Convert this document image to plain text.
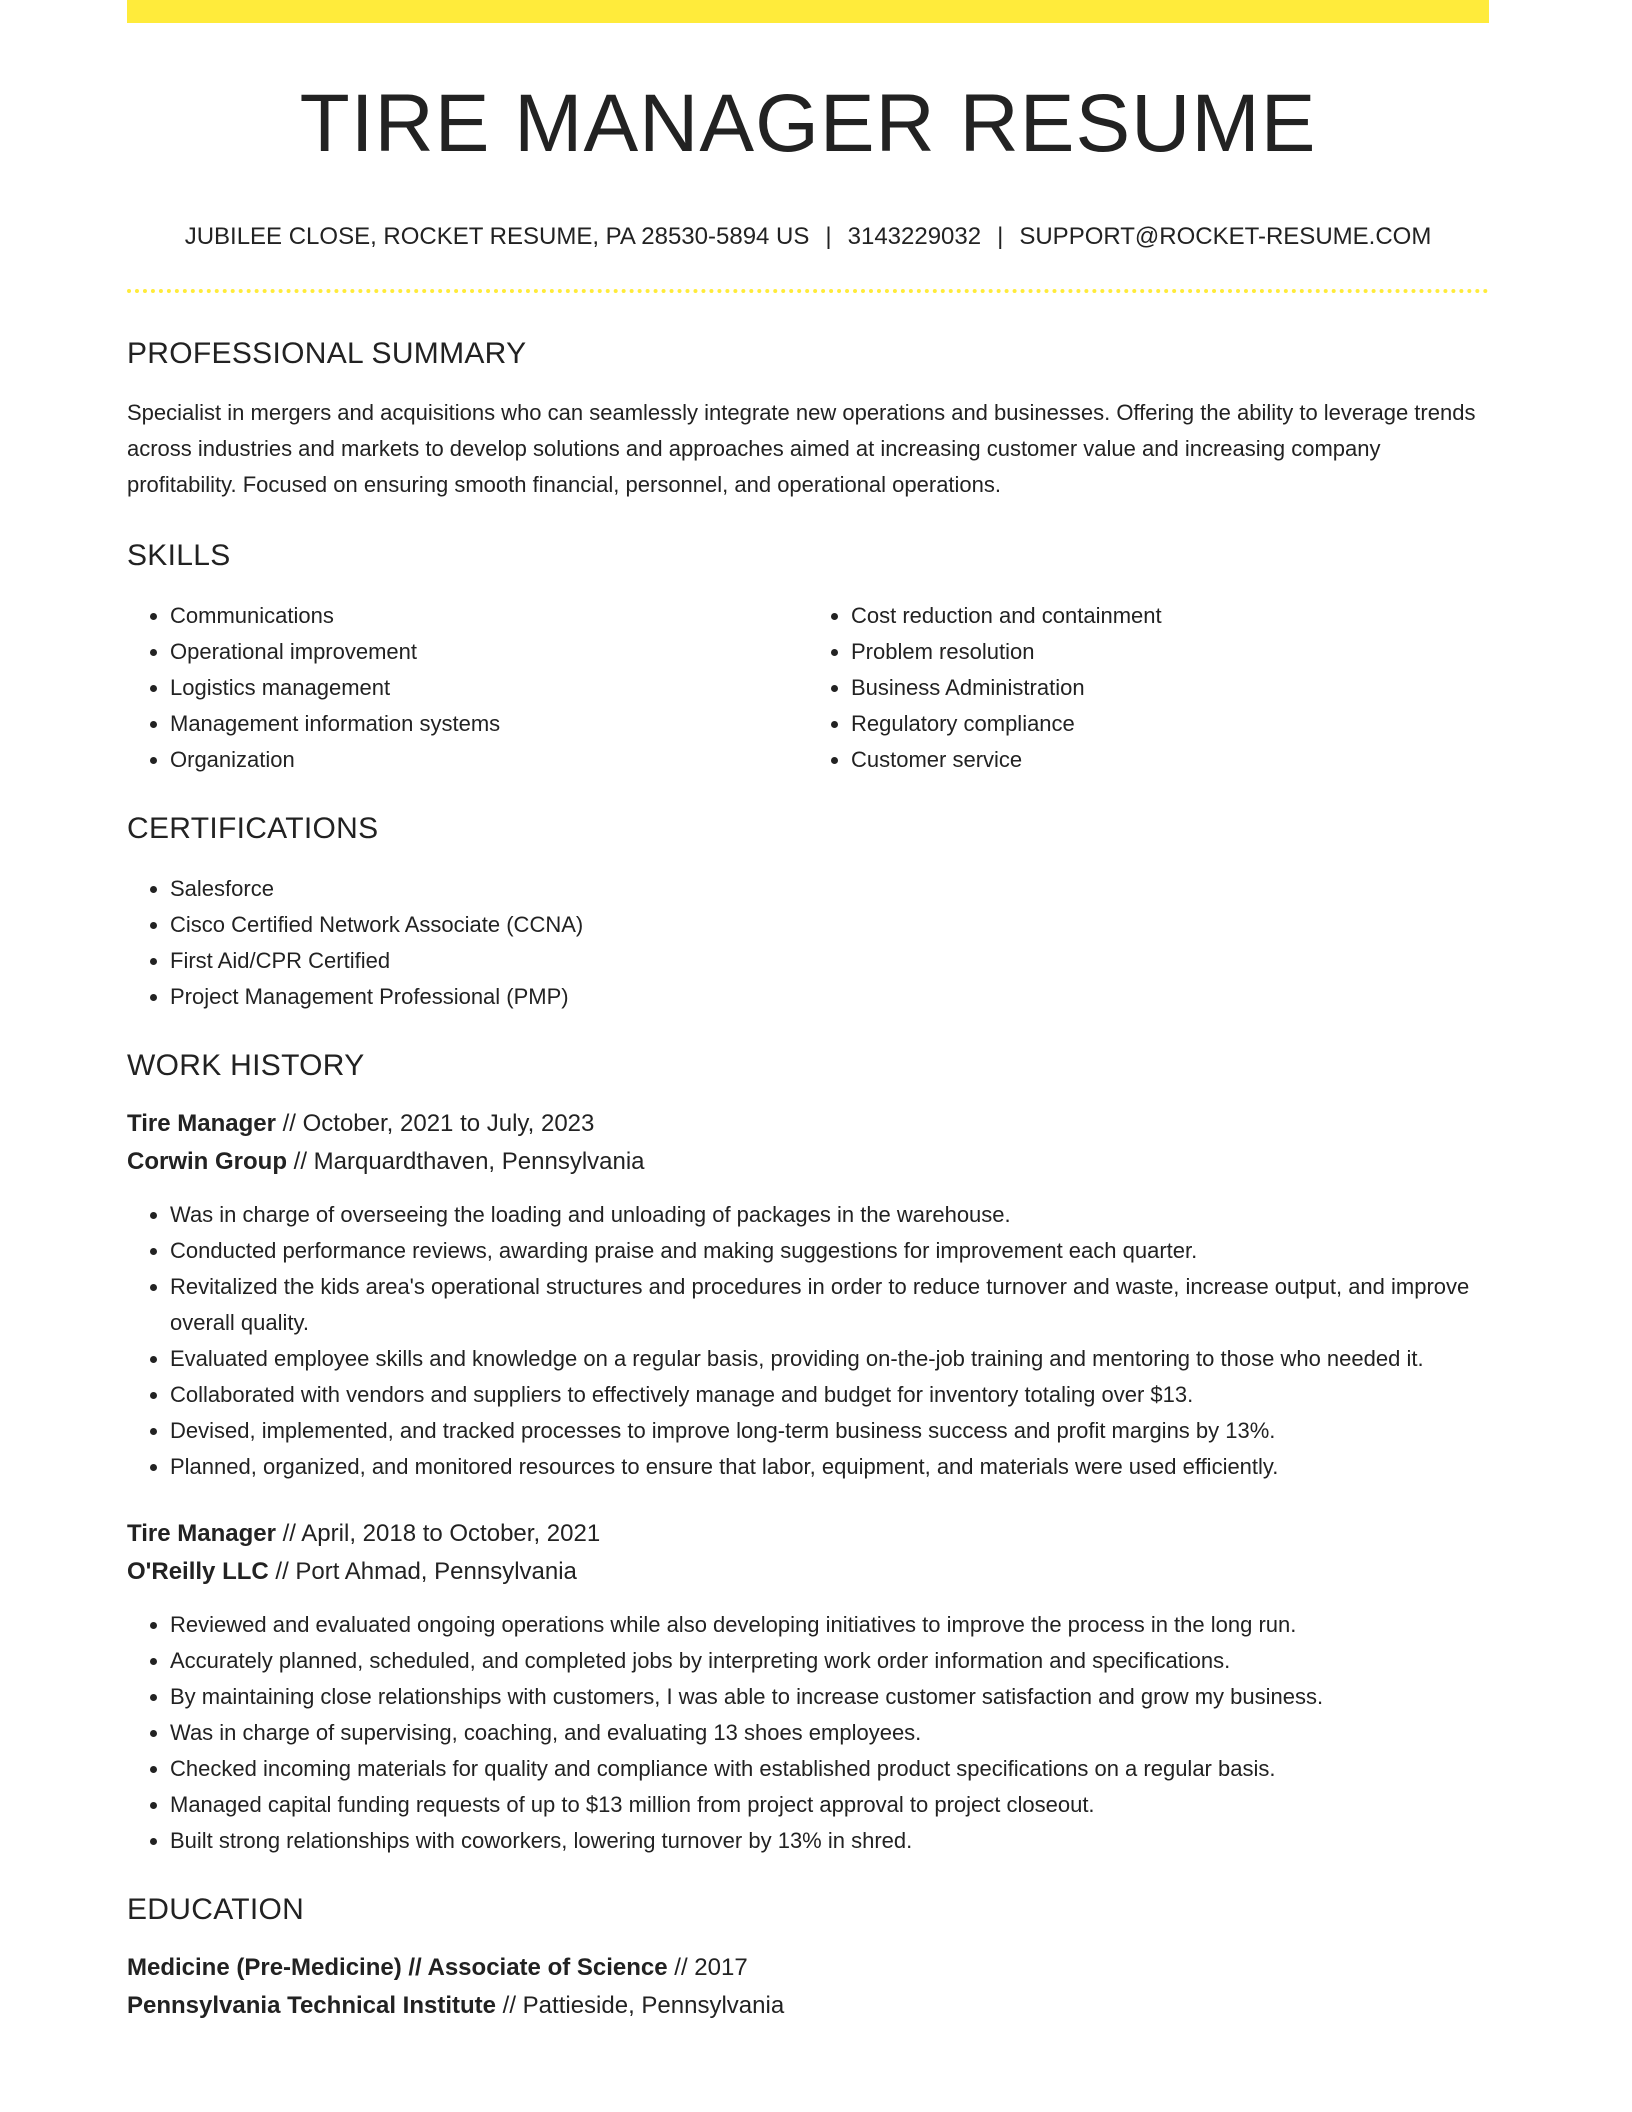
TIRE MANAGER RESUME
JUBILEE CLOSE, ROCKET RESUME, PA 28530-5894 US | 3143229032 | SUPPORT@ROCKET-RESUME.COM
PROFESSIONAL SUMMARY
Specialist in mergers and acquisitions who can seamlessly integrate new operations and businesses. Offering the ability to leverage trends across industries and markets to develop solutions and approaches aimed at increasing customer value and increasing company profitability. Focused on ensuring smooth financial, personnel, and operational operations.
SKILLS
• Communications
• Operational improvement
• Logistics management
• Management information systems
• Organization
• Cost reduction and containment
• Problem resolution
• Business Administration
• Regulatory compliance
• Customer service
CERTIFICATIONS
• Salesforce
• Cisco Certified Network Associate (CCNA)
• First Aid/CPR Certified
• Project Management Professional (PMP)
WORK HISTORY
Tire Manager // October, 2021 to July, 2023
Corwin Group // Marquardthaven, Pennsylvania
• Was in charge of overseeing the loading and unloading of packages in the warehouse.
• Conducted performance reviews, awarding praise and making suggestions for improvement each quarter.
• Revitalized the kids area's operational structures and procedures in order to reduce turnover and waste, increase output, and improve overall quality.
• Evaluated employee skills and knowledge on a regular basis, providing on-the-job training and mentoring to those who needed it.
• Collaborated with vendors and suppliers to effectively manage and budget for inventory totaling over $13.
• Devised, implemented, and tracked processes to improve long-term business success and profit margins by 13%.
• Planned, organized, and monitored resources to ensure that labor, equipment, and materials were used efficiently.
Tire Manager // April, 2018 to October, 2021
O'Reilly LLC // Port Ahmad, Pennsylvania
• Reviewed and evaluated ongoing operations while also developing initiatives to improve the process in the long run.
• Accurately planned, scheduled, and completed jobs by interpreting work order information and specifications.
• By maintaining close relationships with customers, I was able to increase customer satisfaction and grow my business.
• Was in charge of supervising, coaching, and evaluating 13 shoes employees.
• Checked incoming materials for quality and compliance with established product specifications on a regular basis.
• Managed capital funding requests of up to $13 million from project approval to project closeout.
• Built strong relationships with coworkers, lowering turnover by 13% in shred.
EDUCATION
Medicine (Pre-Medicine) // Associate of Science // 2017
Pennsylvania Technical Institute // Pattieside, Pennsylvania
